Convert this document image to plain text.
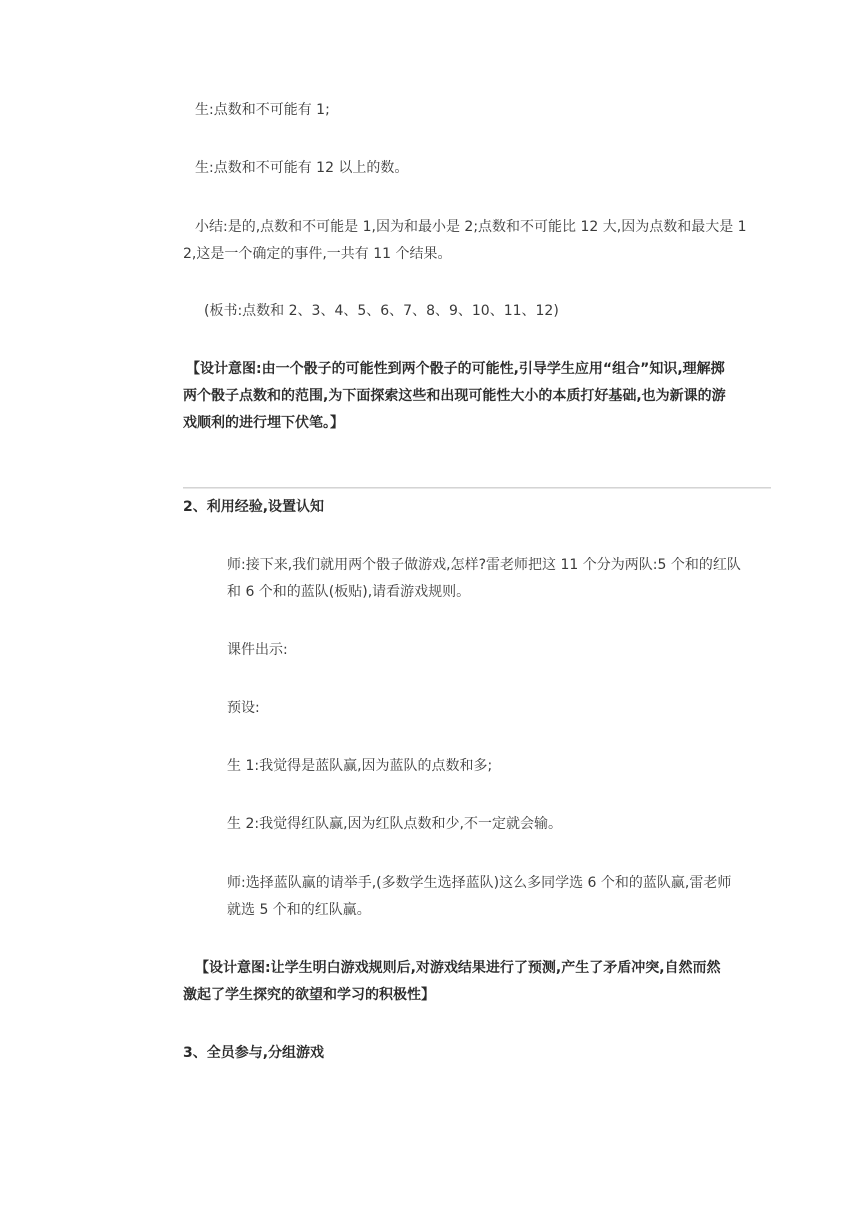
生:点数和不可能有 1;
生:点数和不可能有 12 以上的数。
小结:是的,点数和不可能是 1,因为和最小是 2;点数和不可能比 12 大,因为点数和最大是 1
2,这是一个确定的事件,一共有 11 个结果。
(板书:点数和 2、3、4、5、6、7、8、9、10、11、12)
【设计意图:由一个骰子的可能性到两个骰子的可能性,引导学生应用“组合”知识,理解掷
两个骰子点数和的范围,为下面探索这些和出现可能性大小的本质打好基础,也为新课的游
戏顺利的进行埋下伏笔。】
2、利用经验,设置认知
师:接下来,我们就用两个骰子做游戏,怎样?雷老师把这 11 个分为两队:5 个和的红队
和 6 个和的蓝队(板贴),请看游戏规则。
课件出示:
预设:
生 1:我觉得是蓝队赢,因为蓝队的点数和多;
生 2:我觉得红队赢,因为红队点数和少,不一定就会输。
师:选择蓝队赢的请举手,(多数学生选择蓝队)这么多同学选 6 个和的蓝队赢,雷老师
就选 5 个和的红队赢。
【设计意图:让学生明白游戏规则后,对游戏结果进行了预测,产生了矛盾冲突,自然而然
激起了学生探究的欲望和学习的积极性】
3、全员参与,分组游戏
